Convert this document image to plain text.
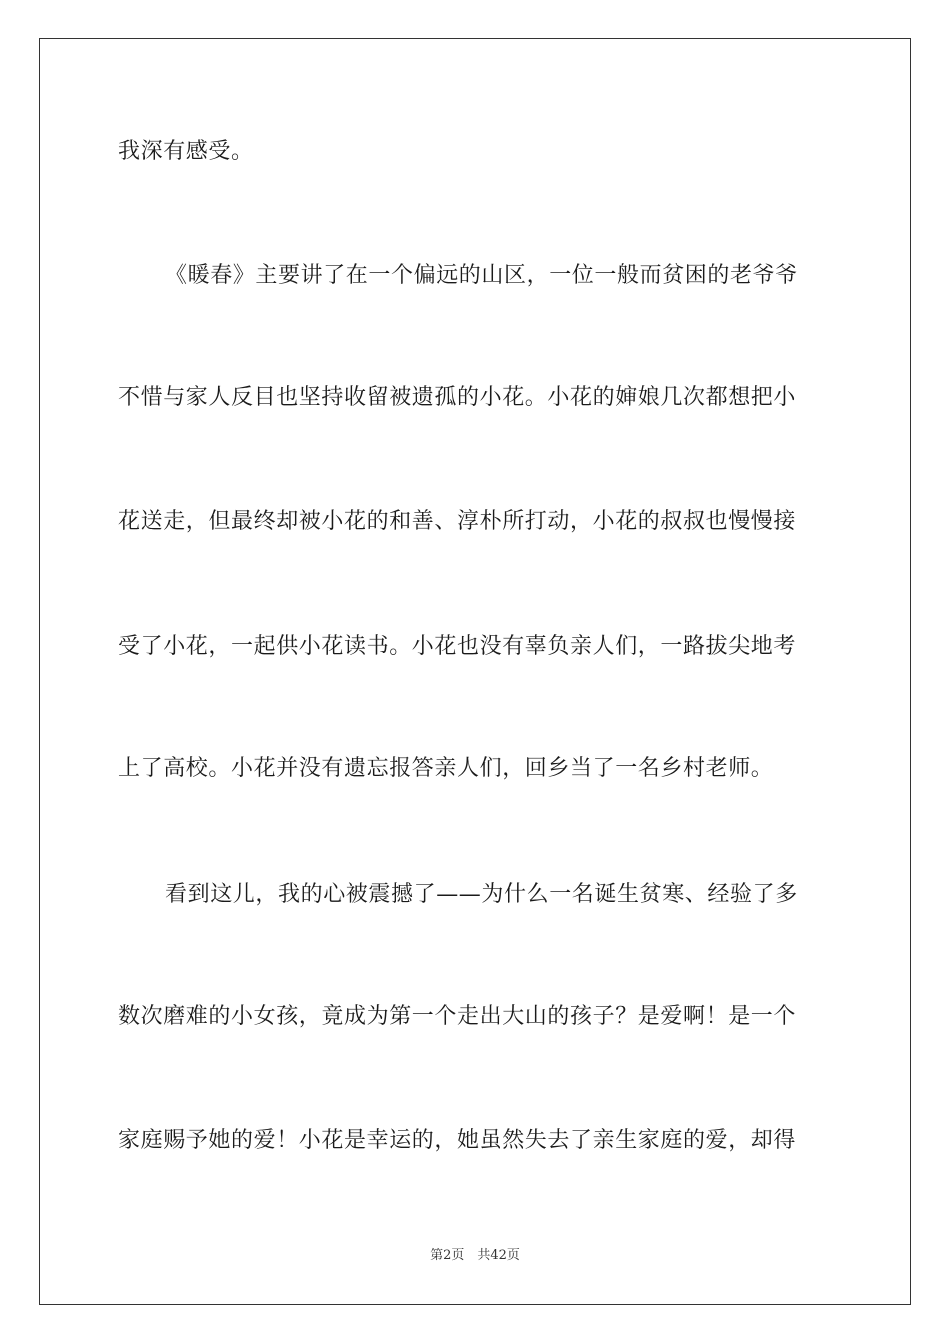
我深有感受。
《暖春》主要讲了在一个偏远的山区，一位一般而贫困的老爷爷
不惜与家人反目也坚持收留被遗孤的小花。小花的婶娘几次都想把小
花送走，但最终却被小花的和善、淳朴所打动，小花的叔叔也慢慢接
受了小花，一起供小花读书。小花也没有辜负亲人们，一路拔尖地考
上了高校。小花并没有遗忘报答亲人们，回乡当了一名乡村老师。
看到这儿，我的心被震撼了——为什么一名诞生贫寒、经验了多
数次磨难的小女孩，竟成为第一个走出大山的孩子？是爱啊！是一个
家庭赐予她的爱！小花是幸运的，她虽然失去了亲生家庭的爱，却得
第2页　共42页
